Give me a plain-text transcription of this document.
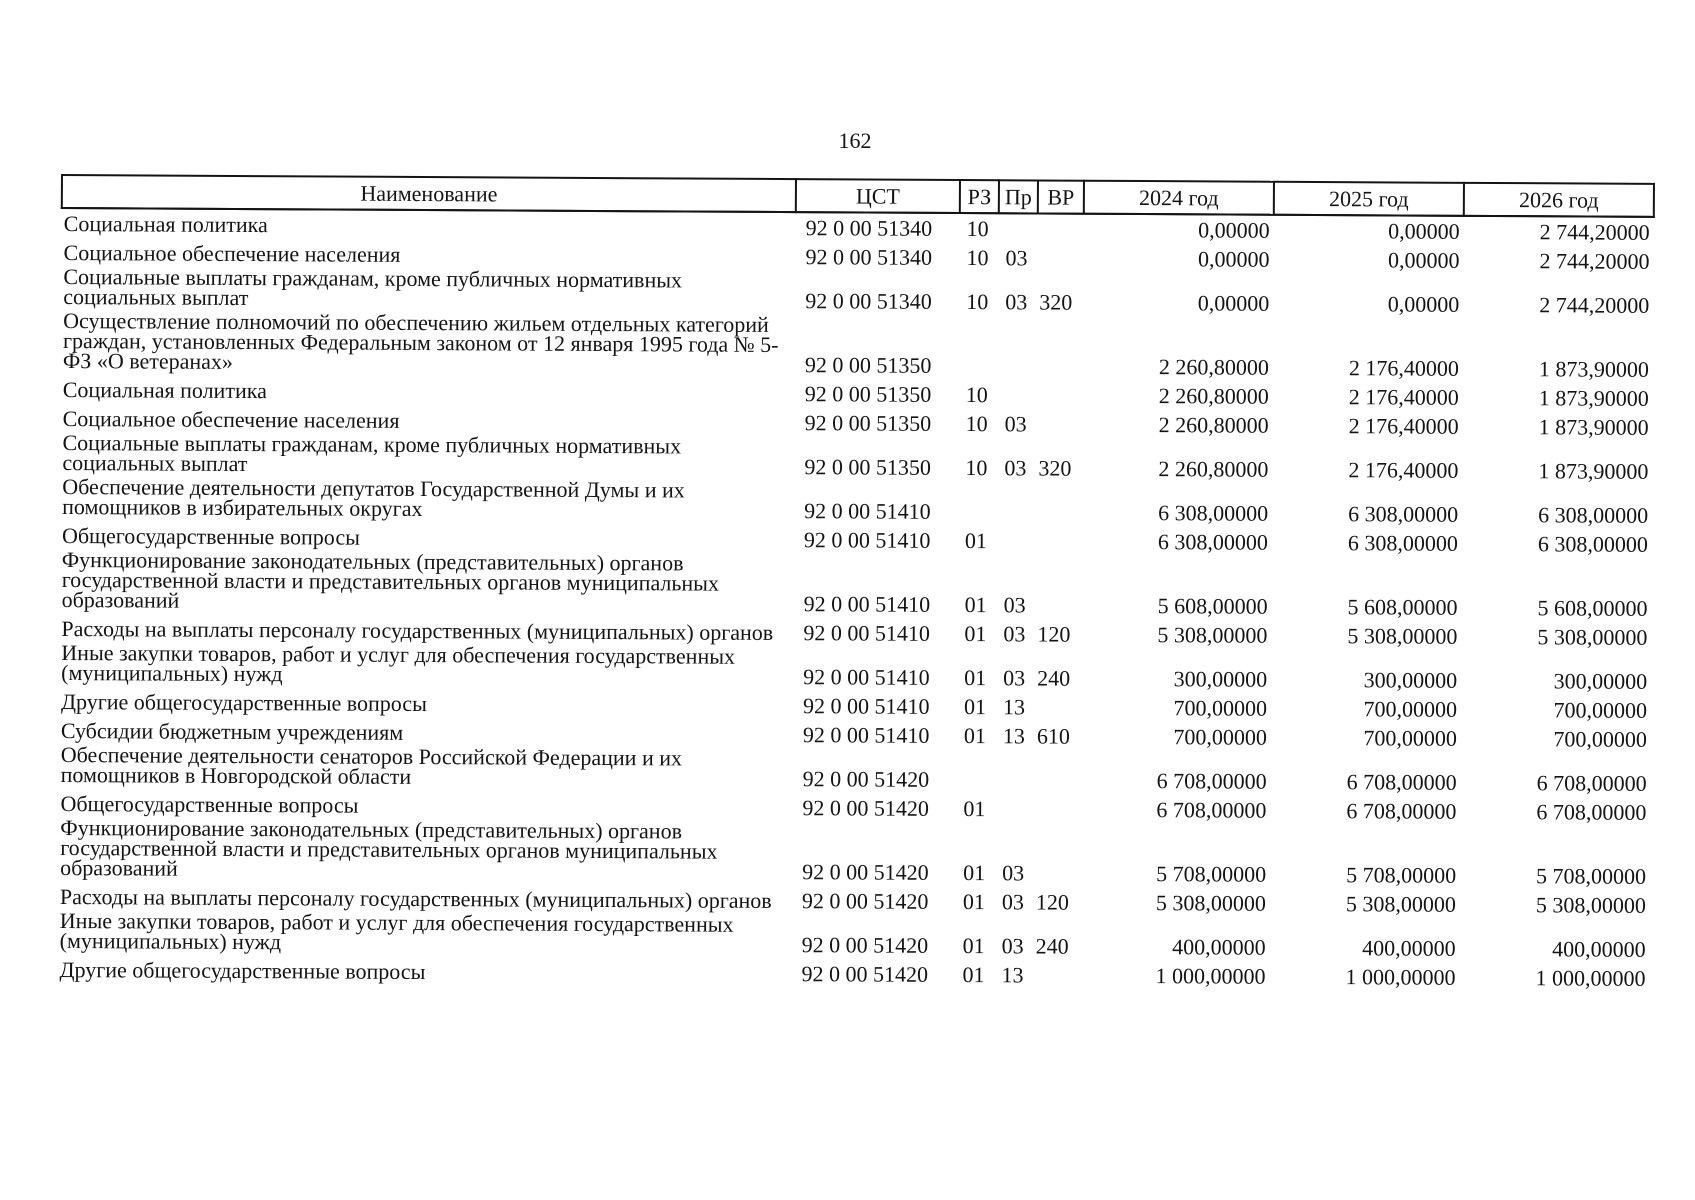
162
Наименование	ЦСТ	РЗ	Пр	ВР	2024 год	2025 год	2026 год
Социальная политика	92 0 00 51340	10			0,00000	0,00000	2 744,20000
Социальное обеспечение населения	92 0 00 51340	10	03		0,00000	0,00000	2 744,20000
Социальные выплаты гражданам, кроме публичных нормативных социальных выплат	92 0 00 51340	10	03	320	0,00000	0,00000	2 744,20000
Осуществление полномочий по обеспечению жильем отдельных категорий граждан, установленных Федеральным законом от 12 января 1995 года № 5-ФЗ «О ветеранах»	92 0 00 51350				2 260,80000	2 176,40000	1 873,90000
Социальная политика	92 0 00 51350	10			2 260,80000	2 176,40000	1 873,90000
Социальное обеспечение населения	92 0 00 51350	10	03		2 260,80000	2 176,40000	1 873,90000
Социальные выплаты гражданам, кроме публичных нормативных социальных выплат	92 0 00 51350	10	03	320	2 260,80000	2 176,40000	1 873,90000
Обеспечение деятельности депутатов Государственной Думы и их помощников в избирательных округах	92 0 00 51410				6 308,00000	6 308,00000	6 308,00000
Общегосударственные вопросы	92 0 00 51410	01			6 308,00000	6 308,00000	6 308,00000
Функционирование законодательных (представительных) органов государственной власти и представительных органов муниципальных образований	92 0 00 51410	01	03		5 608,00000	5 608,00000	5 608,00000
Расходы на выплаты персоналу государственных (муниципальных) органов	92 0 00 51410	01	03	120	5 308,00000	5 308,00000	5 308,00000
Иные закупки товаров, работ и услуг для обеспечения государственных (муниципальных) нужд	92 0 00 51410	01	03	240	300,00000	300,00000	300,00000
Другие общегосударственные вопросы	92 0 00 51410	01	13		700,00000	700,00000	700,00000
Субсидии бюджетным учреждениям	92 0 00 51410	01	13	610	700,00000	700,00000	700,00000
Обеспечение деятельности сенаторов Российской Федерации и их помощников в Новгородской области	92 0 00 51420				6 708,00000	6 708,00000	6 708,00000
Общегосударственные вопросы	92 0 00 51420	01			6 708,00000	6 708,00000	6 708,00000
Функционирование законодательных (представительных) органов государственной власти и представительных органов муниципальных образований	92 0 00 51420	01	03		5 708,00000	5 708,00000	5 708,00000
Расходы на выплаты персоналу государственных (муниципальных) органов	92 0 00 51420	01	03	120	5 308,00000	5 308,00000	5 308,00000
Иные закупки товаров, работ и услуг для обеспечения государственных (муниципальных) нужд	92 0 00 51420	01	03	240	400,00000	400,00000	400,00000
Другие общегосударственные вопросы	92 0 00 51420	01	13		1 000,00000	1 000,00000	1 000,00000
